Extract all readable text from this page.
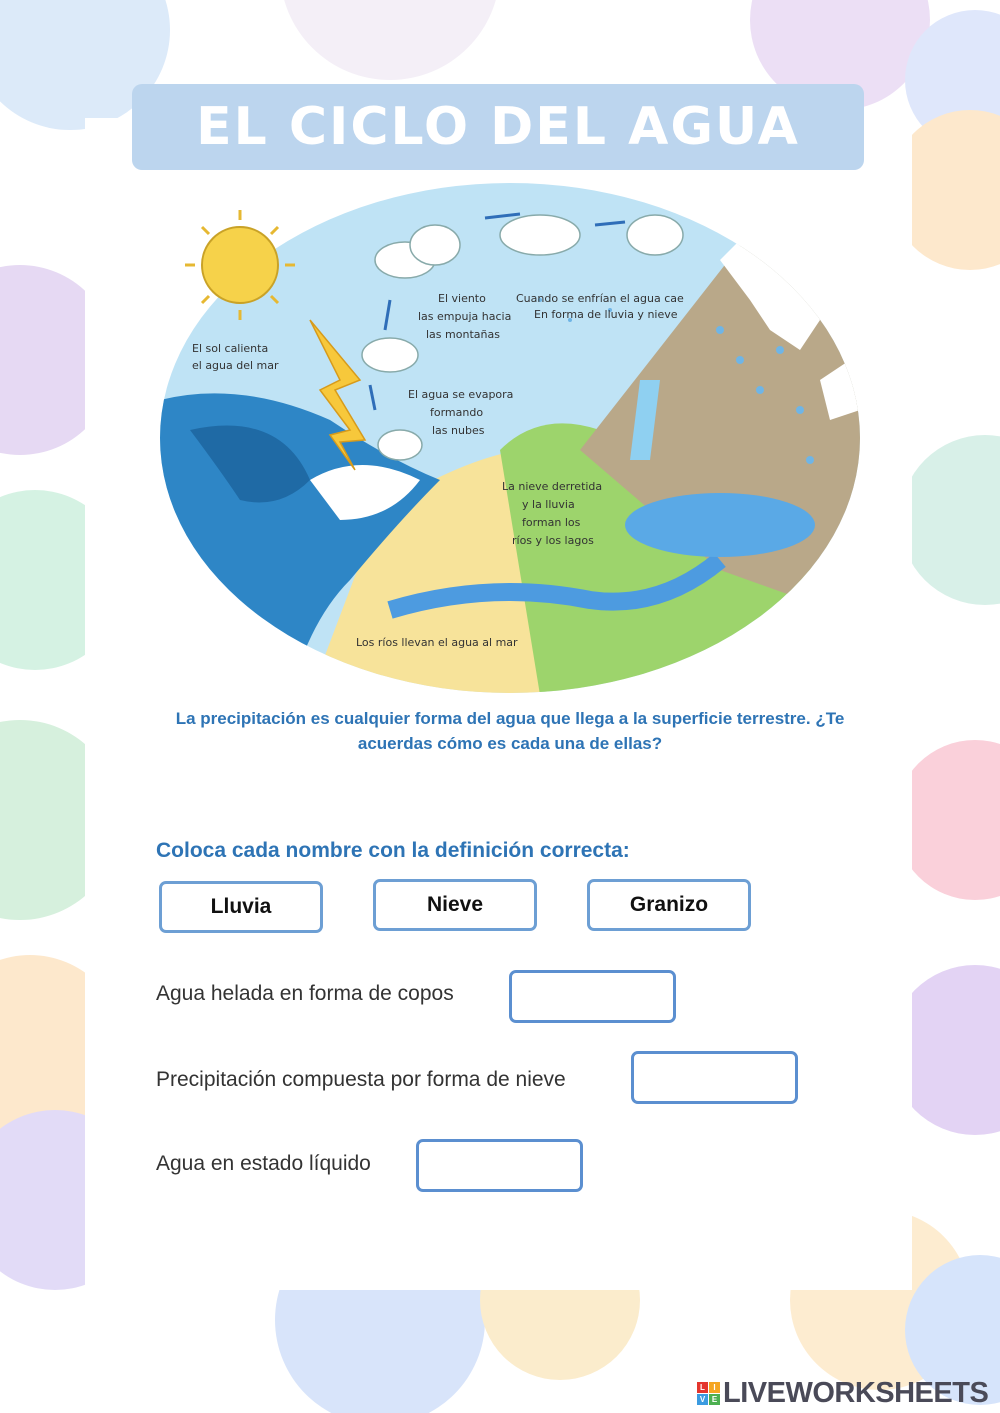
EL CICLO DEL AGUA
El sol calienta
el agua del mar
El viento
las empuja hacia
las montañas
Cuando se enfrían el agua cae
En forma de lluvia y nieve
El agua se evapora
formando
las nubes
La nieve derretida
y la lluvia
forman los
ríos y los lagos
Los ríos llevan el agua al mar
La precipitación es cualquier forma del agua que llega a la superficie terrestre. ¿Te acuerdas cómo es cada una de ellas?
Coloca cada nombre con la definición correcta:
Lluvia	Nieve	Granizo
Agua helada en forma de copos
Precipitación compuesta por forma de nieve
Agua en estado líquido
L	I
V E LIVEWORKSHEETS
